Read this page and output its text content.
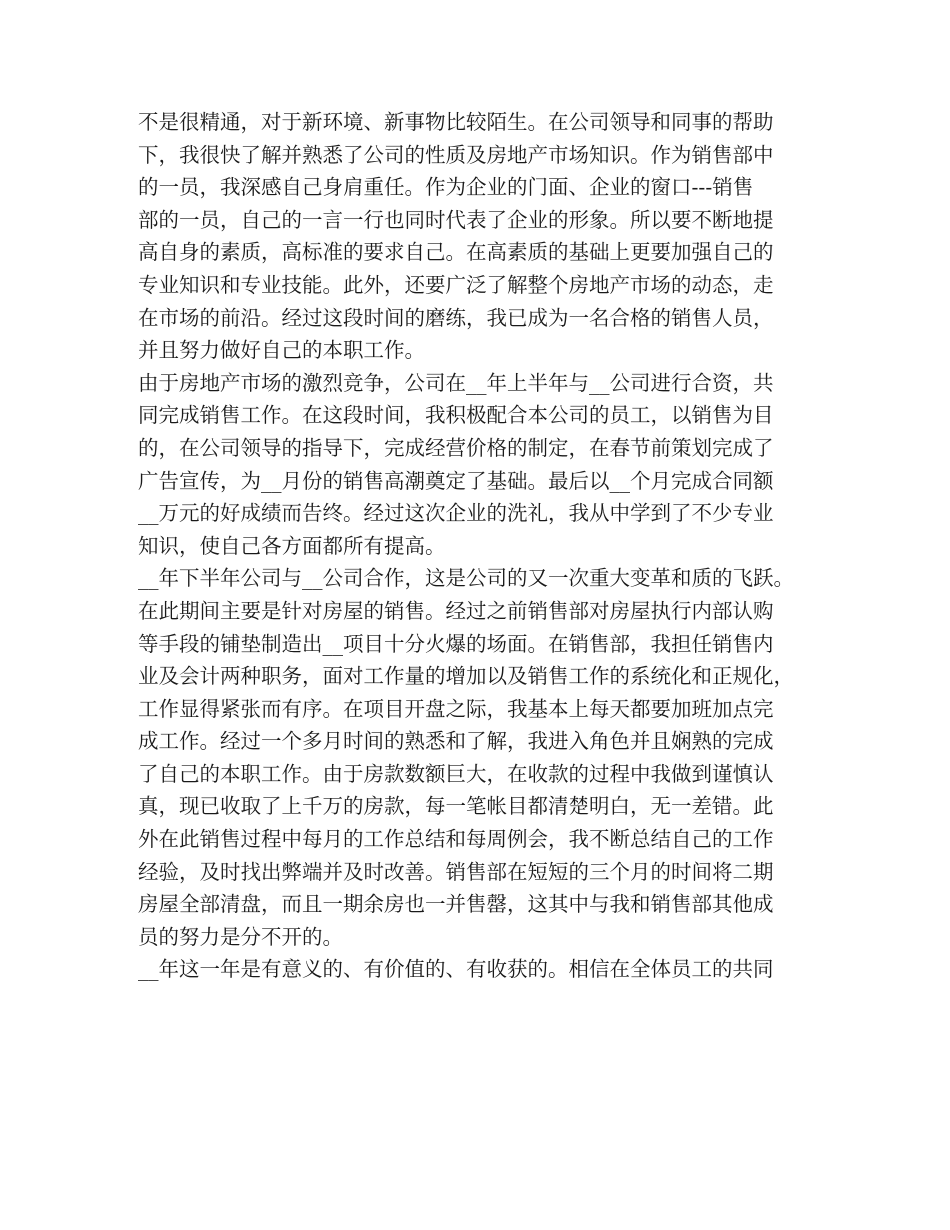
不是很精通，对于新环境、新事物比较陌生。在公司领导和同事的帮助
下，我很快了解并熟悉了公司的性质及房地产市场知识。作为销售部中
的一员，我深感自己身肩重任。作为企业的门面、企业的窗口---销售
部的一员，自己的一言一行也同时代表了企业的形象。所以要不断地提
高自身的素质，高标准的要求自己。在高素质的基础上更要加强自己的
专业知识和专业技能。此外，还要广泛了解整个房地产市场的动态，走
在市场的前沿。经过这段时间的磨练，我已成为一名合格的销售人员，
并且努力做好自己的本职工作。
由于房地产市场的激烈竞争，公司在__年上半年与__公司进行合资，共
同完成销售工作。在这段时间，我积极配合本公司的员工，以销售为目
的，在公司领导的指导下，完成经营价格的制定，在春节前策划完成了
广告宣传，为__月份的销售高潮奠定了基础。最后以__个月完成合同额
__万元的好成绩而告终。经过这次企业的洗礼，我从中学到了不少专业
知识，使自己各方面都所有提高。
__年下半年公司与__公司合作，这是公司的又一次重大变革和质的飞跃。
在此期间主要是针对房屋的销售。经过之前销售部对房屋执行内部认购
等手段的铺垫制造出__项目十分火爆的场面。在销售部，我担任销售内
业及会计两种职务，面对工作量的增加以及销售工作的系统化和正规化，
工作显得紧张而有序。在项目开盘之际，我基本上每天都要加班加点完
成工作。经过一个多月时间的熟悉和了解，我进入角色并且娴熟的完成
了自己的本职工作。由于房款数额巨大，在收款的过程中我做到谨慎认
真，现已收取了上千万的房款，每一笔帐目都清楚明白，无一差错。此
外在此销售过程中每月的工作总结和每周例会，我不断总结自己的工作
经验，及时找出弊端并及时改善。销售部在短短的三个月的时间将二期
房屋全部清盘，而且一期余房也一并售罄，这其中与我和销售部其他成
员的努力是分不开的。
__年这一年是有意义的、有价值的、有收获的。相信在全体员工的共同
